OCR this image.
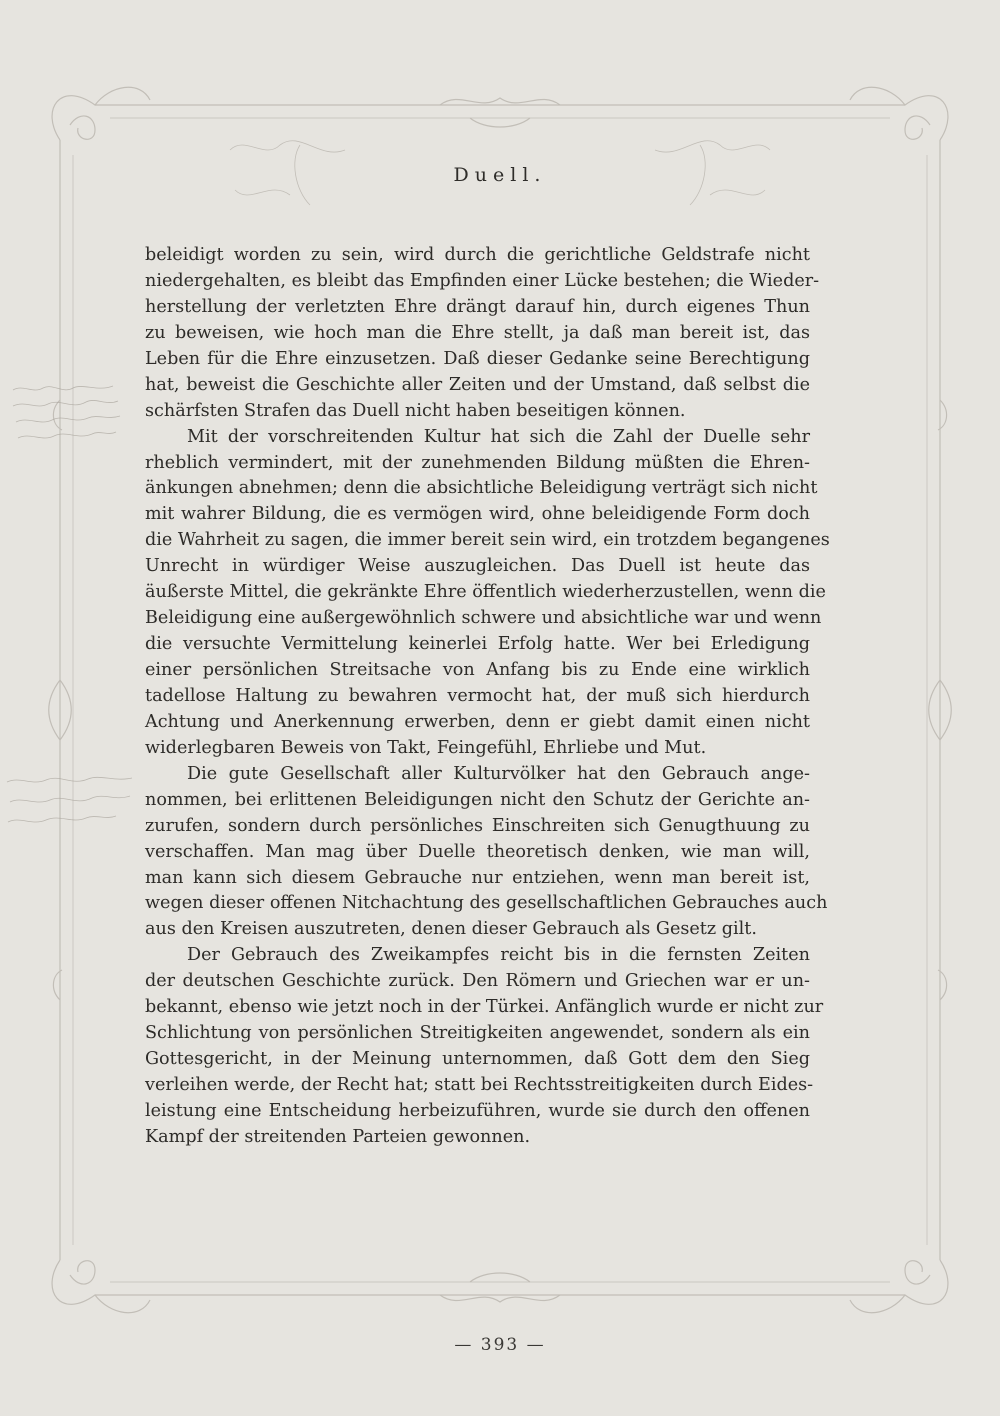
Duell.
beleidigt worden zu sein, wird durch die gerichtliche Geldstrafe nicht
niedergehalten, es bleibt das Empfinden einer Lücke bestehen; die Wieder-
herstellung der verletzten Ehre drängt darauf hin, durch eigenes Thun
zu beweisen, wie hoch man die Ehre stellt, ja daß man bereit ist, das
Leben für die Ehre einzusetzen. Daß dieser Gedanke seine Berechtigung
hat, beweist die Geschichte aller Zeiten und der Umstand, daß selbst die
schärfsten Strafen das Duell nicht haben beseitigen können.
Mit der vorschreitenden Kultur hat sich die Zahl der Duelle sehr
rheblich vermindert, mit der zunehmenden Bildung müßten die Ehren-
änkungen abnehmen; denn die absichtliche Beleidigung verträgt sich nicht
mit wahrer Bildung, die es vermögen wird, ohne beleidigende Form doch
die Wahrheit zu sagen, die immer bereit sein wird, ein trotzdem begangenes
Unrecht in würdiger Weise auszugleichen. Das Duell ist heute das
äußerste Mittel, die gekränkte Ehre öffentlich wiederherzustellen, wenn die
Beleidigung eine außergewöhnlich schwere und absichtliche war und wenn
die versuchte Vermittelung keinerlei Erfolg hatte. Wer bei Erledigung
einer persönlichen Streitsache von Anfang bis zu Ende eine wirklich
tadellose Haltung zu bewahren vermocht hat, der muß sich hierdurch
Achtung und Anerkennung erwerben, denn er giebt damit einen nicht
widerlegbaren Beweis von Takt, Feingefühl, Ehrliebe und Mut.
Die gute Gesellschaft aller Kulturvölker hat den Gebrauch ange-
nommen, bei erlittenen Beleidigungen nicht den Schutz der Gerichte an-
zurufen, sondern durch persönliches Einschreiten sich Genugthuung zu
verschaffen. Man mag über Duelle theoretisch denken, wie man will,
man kann sich diesem Gebrauche nur entziehen, wenn man bereit ist,
wegen dieser offenen Nitchachtung des gesellschaftlichen Gebrauches auch
aus den Kreisen auszutreten, denen dieser Gebrauch als Gesetz gilt.
Der Gebrauch des Zweikampfes reicht bis in die fernsten Zeiten
der deutschen Geschichte zurück. Den Römern und Griechen war er un-
bekannt, ebenso wie jetzt noch in der Türkei. Anfänglich wurde er nicht zur
Schlichtung von persönlichen Streitigkeiten angewendet, sondern als ein
Gottesgericht, in der Meinung unternommen, daß Gott dem den Sieg
verleihen werde, der Recht hat; statt bei Rechtsstreitigkeiten durch Eides-
leistung eine Entscheidung herbeizuführen, wurde sie durch den offenen
Kampf der streitenden Parteien gewonnen.
— 393 —
